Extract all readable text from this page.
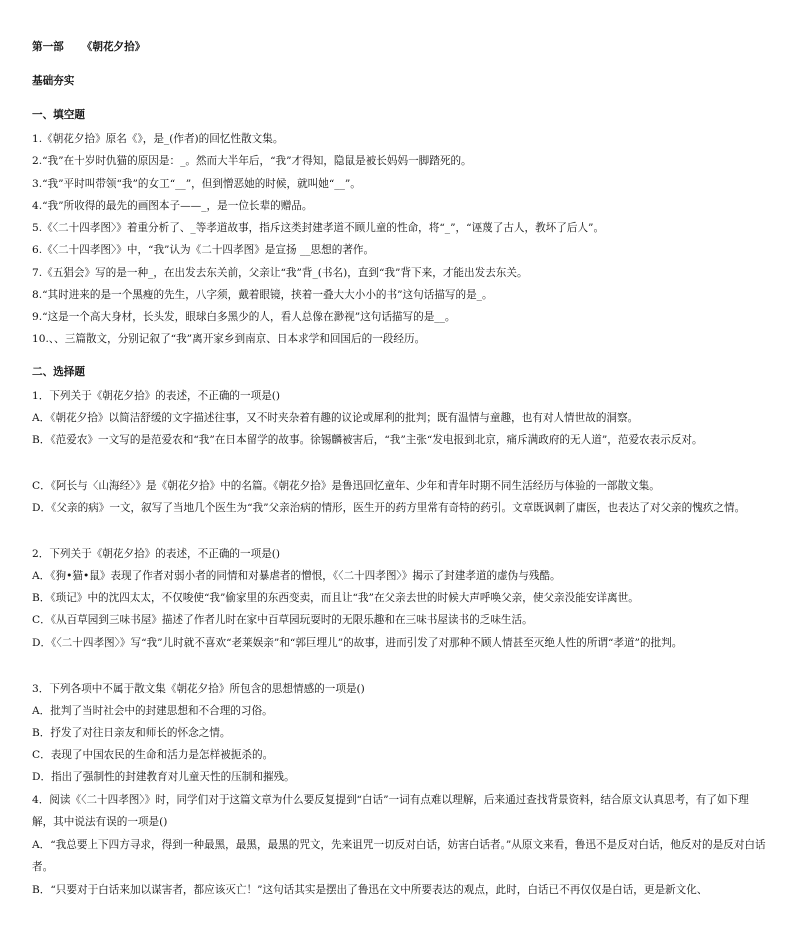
第一部 《朝花夕拾》
基础夯实
一、填空题
1.《朝花夕拾》原名《》，是_(作者)的回忆性散文集。
2.“我”在十岁时仇猫的原因是：_。然而大半年后，“我”才得知，隐鼠是被长妈妈一脚踏死的。
3.“我”平时叫带领“我”的女工“__”，但到憎恶她的时候，就叫她“__”。
4.“我”所收得的最先的画图本子——_，是一位长辈的赠品。
5.《〈二十四孝图〉》着重分析了、_等孝道故事，指斥这类封建孝道不顾儿童的性命，将“_”，“诬蔑了古人，教坏了后人”。
6.《〈二十四孝图〉》中，“我”认为《二十四孝图》是宣扬 __思想的著作。
7.《五猖会》写的是一种_，在出发去东关前，父亲让“我”背_(书名)，直到“我”背下来，才能出发去东关。
8.“其时进来的是一个黑瘦的先生，八字须，戴着眼镜，挟着一叠大大小小的书”这句话描写的是_。
9.“这是一个高大身材，长头发，眼球白多黑少的人，看人总像在渺视”这句话描写的是__。
10.、、三篇散文，分别记叙了“我”离开家乡到南京、日本求学和回国后的一段经历。
二、选择题
1．下列关于《朝花夕拾》的表述，不正确的一项是()
A．《朝花夕拾》以简洁舒缓的文字描述往事，又不时夹杂着有趣的议论或犀利的批判；既有温情与童趣，也有对人情世故的洞察。
B．《范爱农》一文写的是范爱农和“我”在日本留学的故事。徐锡麟被害后，“我”主张“发电报到北京，痛斥满政府的无人道”，范爱农表示反对。
C．《阿长与〈山海经〉》是《朝花夕拾》中的名篇。《朝花夕拾》是鲁迅回忆童年、少年和青年时期不同生活经历与体验的一部散文集。
D．《父亲的病》一文，叙写了当地几个医生为“我”父亲治病的情形，医生开的药方里常有奇特的药引。文章既讽刺了庸医，也表达了对父亲的愧疚之情。
2．下列关于《朝花夕拾》的表述，不正确的一项是()
A．《狗•猫•鼠》表现了作者对弱小者的同情和对暴虐者的憎恨，《〈二十四孝图〉》揭示了封建孝道的虚伪与残酷。
B．《琐记》中的沈四太太，不仅唆使“我”偷家里的东西变卖，而且让“我”在父亲去世的时候大声呼唤父亲，使父亲没能安详离世。
C．《从百草园到三味书屋》描述了作者儿时在家中百草园玩耍时的无限乐趣和在三味书屋读书的乏味生活。
D．《〈二十四孝图〉》写“我”儿时就不喜欢“老莱娱亲”和“郭巨埋儿”的故事，进而引发了对那种不顾人情甚至灭绝人性的所谓“孝道”的批判。
3．下列各项中不属于散文集《朝花夕拾》所包含的思想情感的一项是()
A．批判了当时社会中的封建思想和不合理的习俗。
B．抒发了对往日亲友和师长的怀念之情。
C．表现了中国农民的生命和活力是怎样被扼杀的。
D．指出了强制性的封建教育对儿童天性的压制和摧残。
4．阅读《〈二十四孝图〉》时，同学们对于这篇文章为什么要反复提到“白话”一词有点难以理解，后来通过查找背景资料，结合原文认真思考，有了如下理解，其中说法有误的一项是()
A．“我总要上下四方寻求，得到一种最黑，最黑，最黑的咒文，先来诅咒一切反对白话，妨害白话者。”从原文来看，鲁迅不是反对白话，他反对的是反对白话者。
B．“只要对于白话来加以谋害者，都应该灭亡！”这句话其实是摆出了鲁迅在文中所要表达的观点，此时，白话已不再仅仅是白话，更是新文化、
